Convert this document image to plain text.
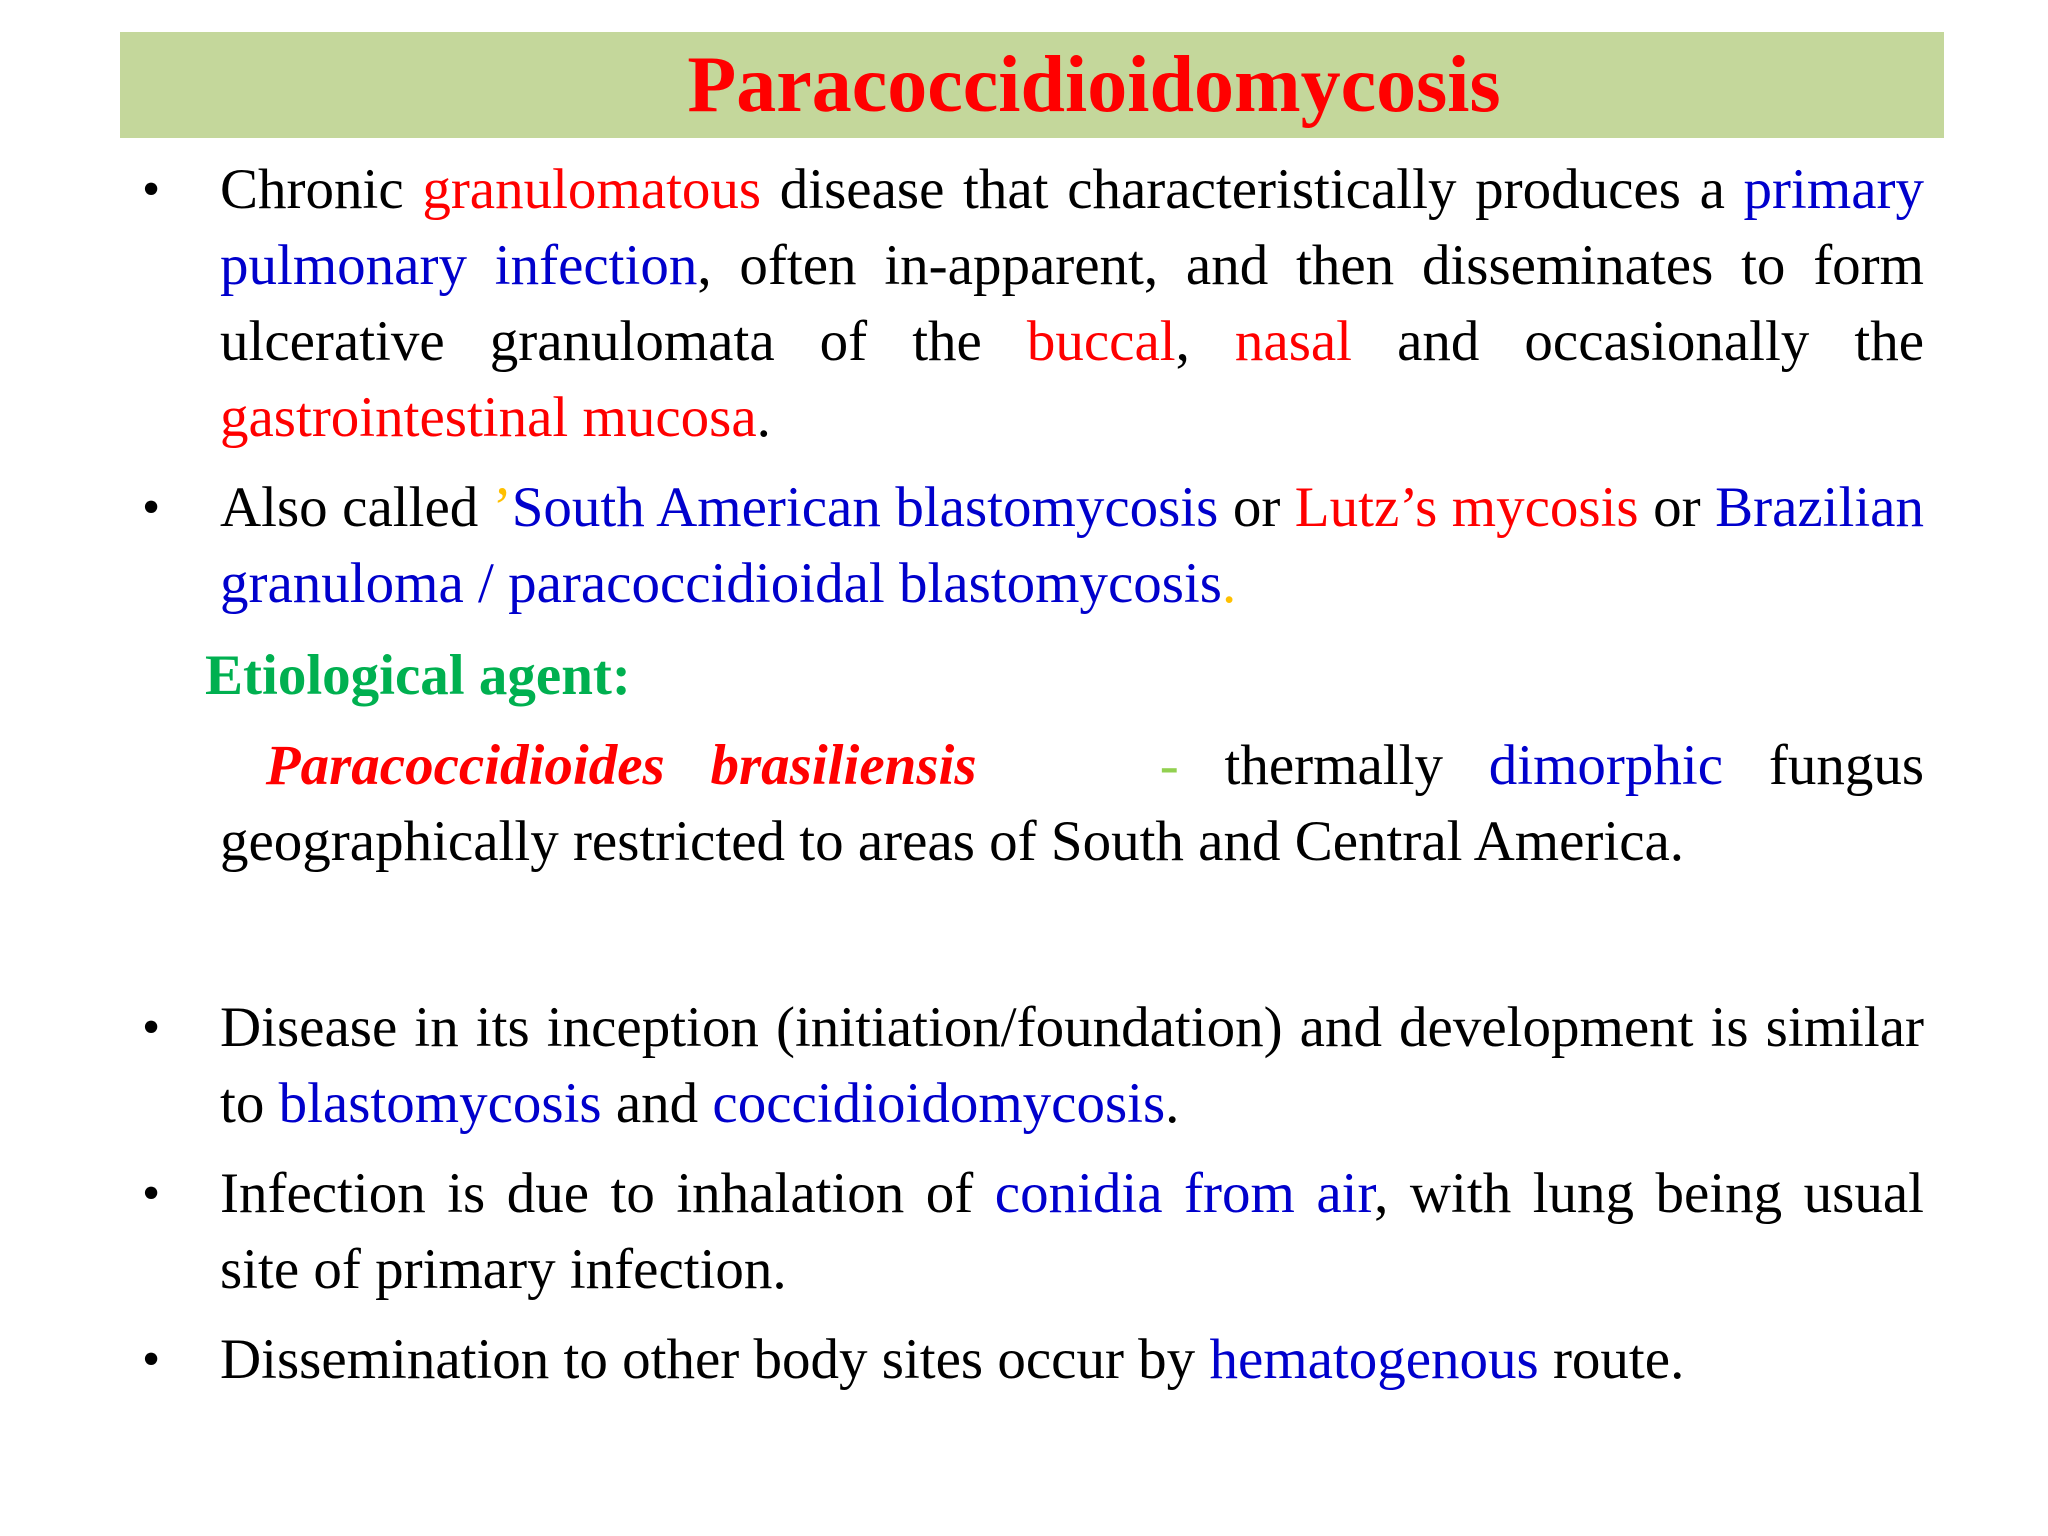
Paracoccidioidomycosis
• Chronic granulomatous disease that characteristically produces a primary pulmonary infection, often in-apparent, and then disseminates to form ulcerative granulomata of the buccal, nasal and occasionally the gastrointestinal mucosa.

• Also called ’South American blastomycosis or Lutz’s mycosis or Brazilian granuloma / paracoccidioidal blastomycosis.

Etiological agent:

Paracoccidioides brasiliensis	- thermally dimorphic fungus geographically restricted to areas of South and Central America.

• Disease in its inception (initiation/foundation) and development is similar to blastomycosis and coccidioidomycosis.

• Infection is due to inhalation of conidia from air, with lung being usual site of primary infection.

• Dissemination to other body sites occur by hematogenous route.
